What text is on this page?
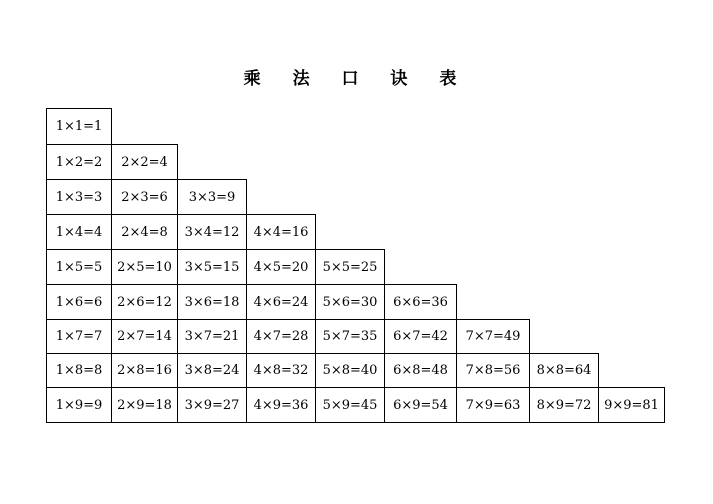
乘 法 口 诀 表
1×1=1
1×2=2	2×2=4
1×3=3	2×3=6	3×3=9
1×4=4	2×4=8	3×4=12	4×4=16
1×5=5	2×5=10 3×5=15	4×5=20	5×5=25
1×6=6	2×6=12 3×6=18	4×6=24	5×6=30	6×6=36
1×7=7	2×7=14 3×7=21	4×7=28	5×7=35	6×7=42	7×7=49
1×8=8	2×8=16 3×8=24	4×8=32	5×8=40	6×8=48	7×8=56	8×8=64
1×9=9	2×9=18 3×9=27	4×9=36	5×9=45	6×9=54	7×9=63	8×9=72 9×9=81
